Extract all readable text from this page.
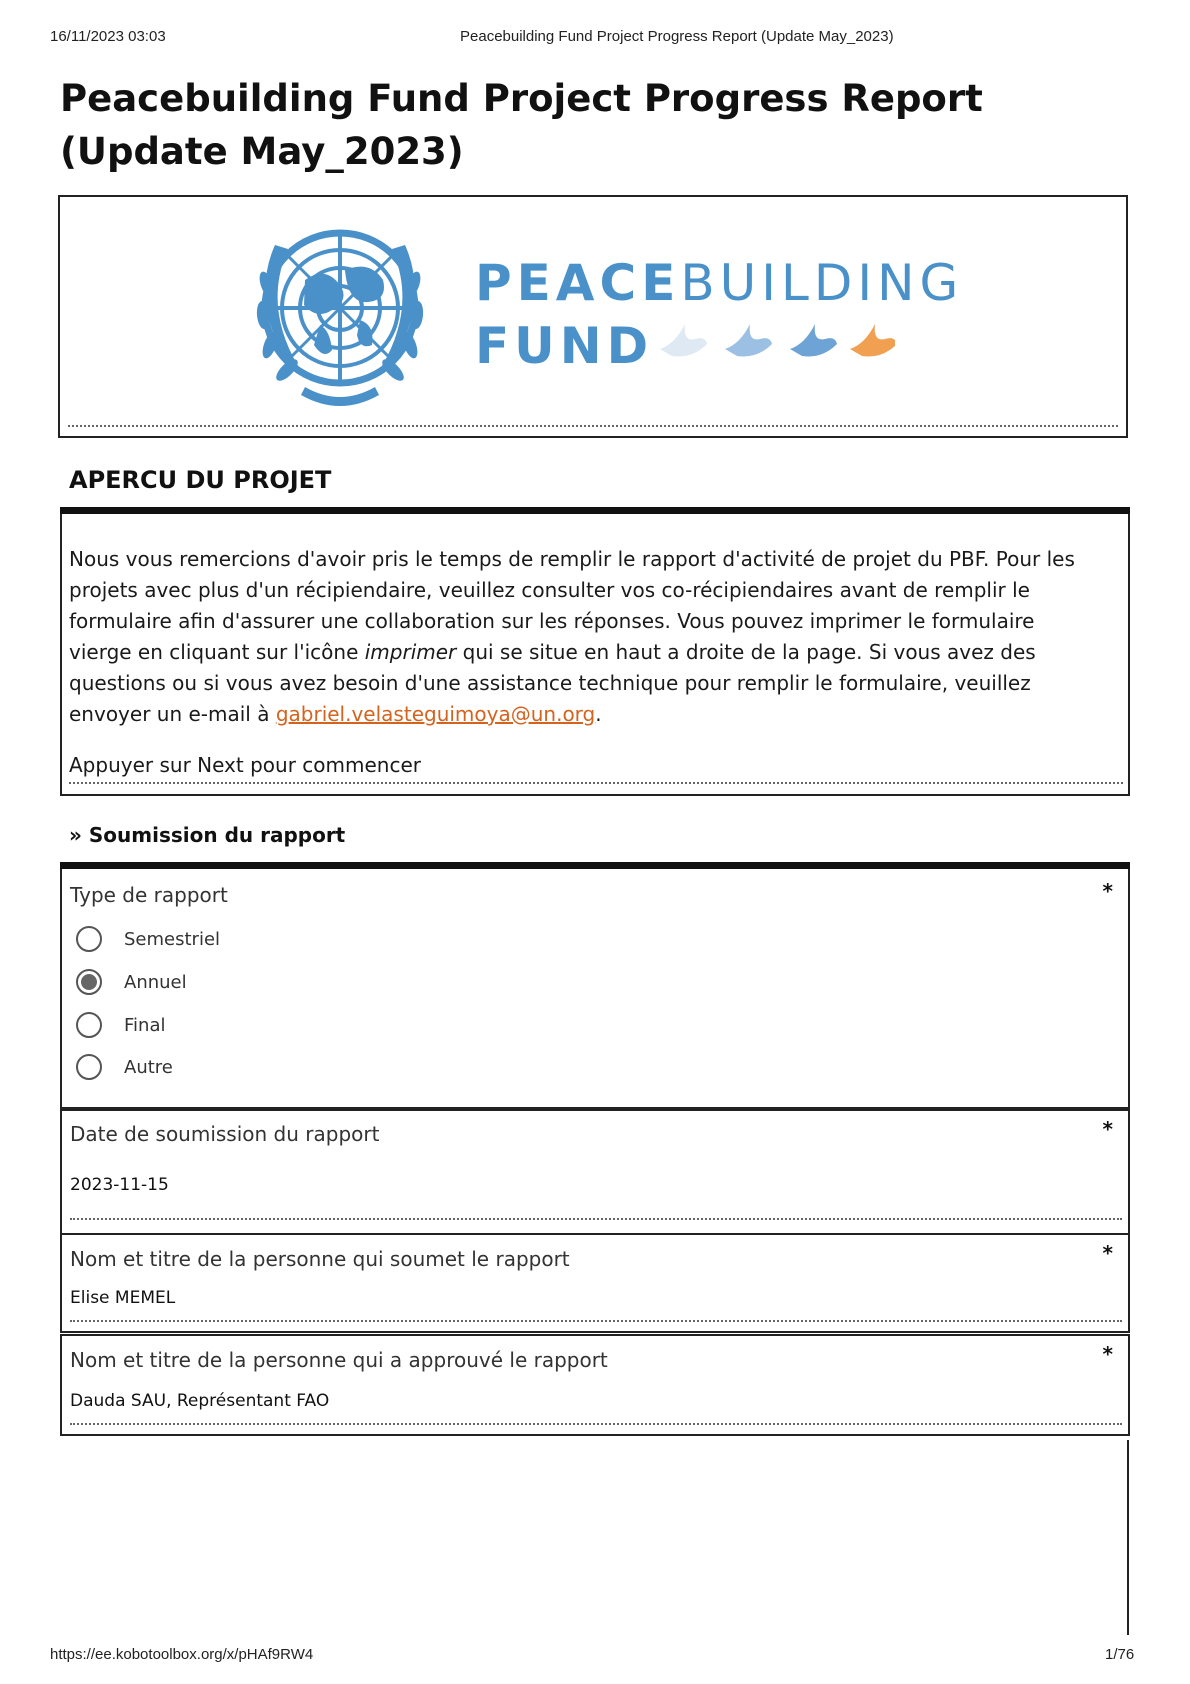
16/11/2023 03:03	Peacebuilding Fund Project Progress Report (Update May_2023)
Peacebuilding Fund Project Progress Report (Update May_2023)
PEACEBUILDING
FUND
APERCU DU PROJET

Nous vous remercions d'avoir pris le temps de remplir le rapport d'activité de projet du PBF. Pour les projets avec plus d'un récipiendaire, veuillez consulter vos co-récipiendaires avant de remplir le formulaire afin d'assurer une collaboration sur les réponses. Vous pouvez imprimer le formulaire vierge en cliquant sur l'icône imprimer qui se situe en haut a droite de la page. Si vous avez des questions ou si vous avez besoin d'une assistance technique pour remplir le formulaire, veuillez envoyer un e-mail à gabriel.velasteguimoya@un.org.

Appuyer sur Next pour commencer

» Soumission du rapport
*
Type de rapport
Semestriel
Annuel
Final
Autre
*
Date de soumission du rapport
2023-11-15
*
Nom et titre de la personne qui soumet le rapport
Elise MEMEL
*
Nom et titre de la personne qui a approuvé le rapport
Dauda SAU, Représentant FAO
https://ee.kobotoolbox.org/x/pHAf9RW4	1/76
